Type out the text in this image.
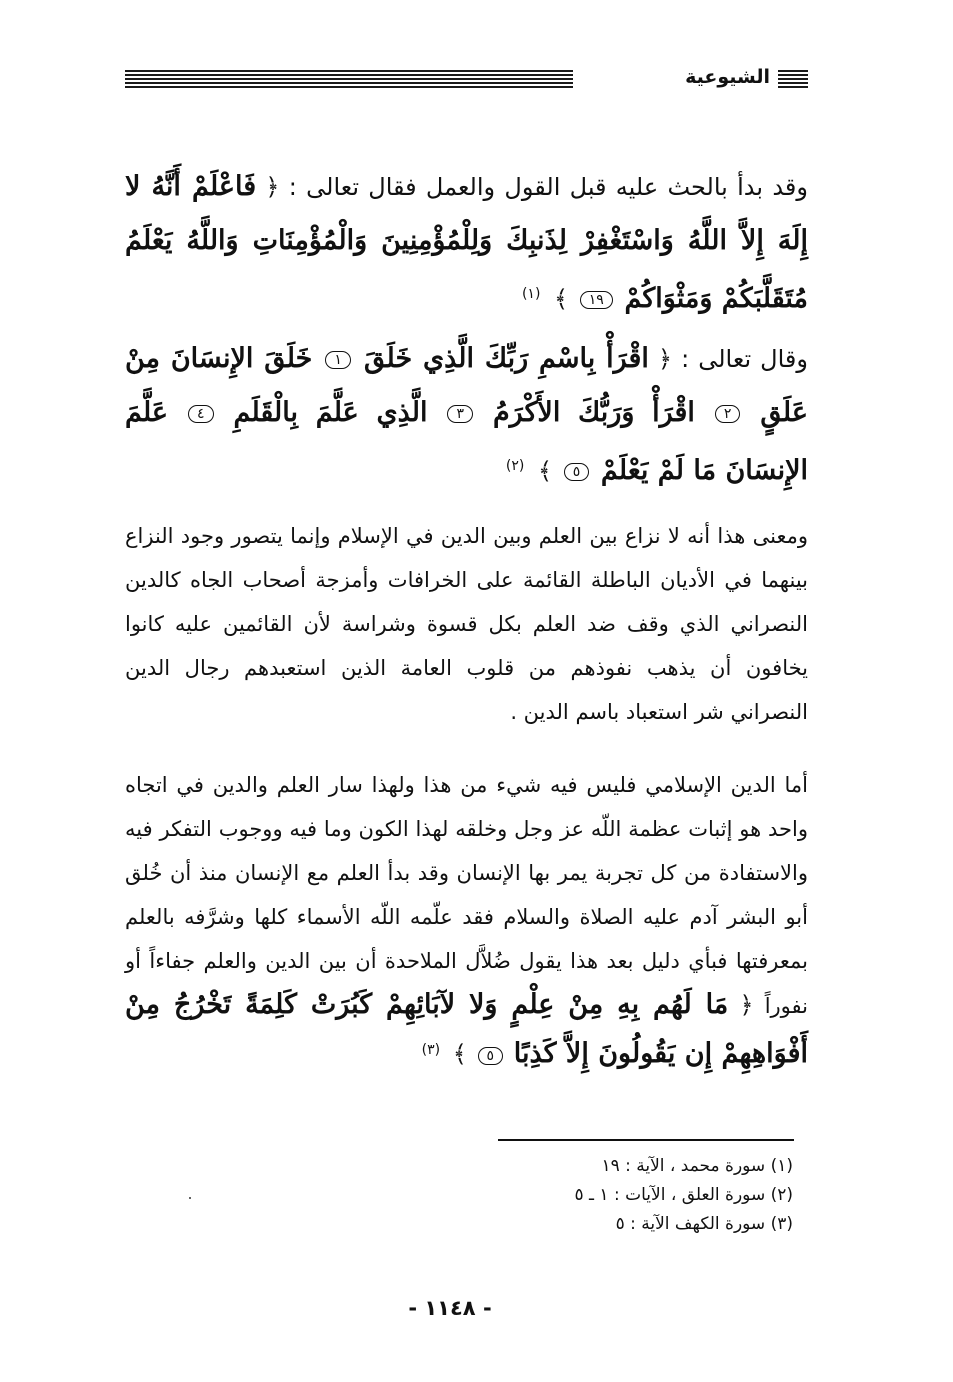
الشيوعية

وقد بدأ بالحث عليه قبل القول والعمل فقال تعالى : ﴿ فَاعْلَمْ أَنَّهُ لا إِلَهَ إِلاَّ اللَّهُ وَاسْتَغْفِرْ لِذَنبِكَ وَلِلْمُؤْمِنِينَ وَالْمُؤْمِنَاتِ وَاللَّهُ يَعْلَمُ مُتَقَلَّبَكُمْ وَمَثْوَاكُمْ ١٩ ﴾ $^{(١)}$

وقال تعالى : ﴿ اقْرَأْ بِاسْمِ رَبِّكَ الَّذِي خَلَقَ ١ خَلَقَ الإِنسَانَ مِنْ عَلَقٍ ٢ اقْرَأْ وَرَبُّكَ الأَكْرَمُ ٣ الَّذِي عَلَّمَ بِالْقَلَمِ ٤ عَلَّمَ الإِنسَانَ مَا لَمْ يَعْلَمْ ٥ ﴾ $^{(٢)}$

ومعنى هذا أنه لا نزاع بين العلم وبين الدين في الإسلام وإنما يتصور وجود النزاع بينهما في الأديان الباطلة القائمة على الخرافات وأمزجة أصحاب الجاه كالدين النصراني الذي وقف ضد العلم بكل قسوة وشراسة لأن القائمين عليه كانوا يخافون أن يذهب نفوذهم من قلوب العامة الذين استعبدهم رجال الدين النصراني شر استعباد باسم الدين .

أما الدين الإسلامي فليس فيه شيء من هذا ولهذا سار العلم والدين في اتجاه واحد هو إثبات عظمة اللّه عز وجل وخلقه لهذا الكون وما فيه ووجوب التفكر فيه والاستفادة من كل تجربة يمر بها الإنسان وقد بدأ العلم مع الإنسان منذ أن خُلق أبو البشر آدم عليه الصلاة والسلام فقد علّمه اللّه الأسماء كلها وشرَّفه بالعلم بمعرفتها فبأي دليل بعد هذا يقول ضُلاَّل الملاحدة أن بين الدين والعلم جفاءاً أو نفوراً ﴿ مَا لَهُم بِهِ مِنْ عِلْمٍ وَلا لآبَائِهِمْ كَبُرَتْ كَلِمَةً تَخْرُجُ مِنْ أَفْوَاهِهِمْ إِن يَقُولُونَ إِلاَّ كَذِبًا ٥ ﴾ $^{(٣)}$

(١) سورة محمد ، الآية : ١٩
(٢) سورة العلق ، الآيات : ١ ـ ٥
(٣) سورة الكهف الآية : ٥
- ١١٤٨ -
